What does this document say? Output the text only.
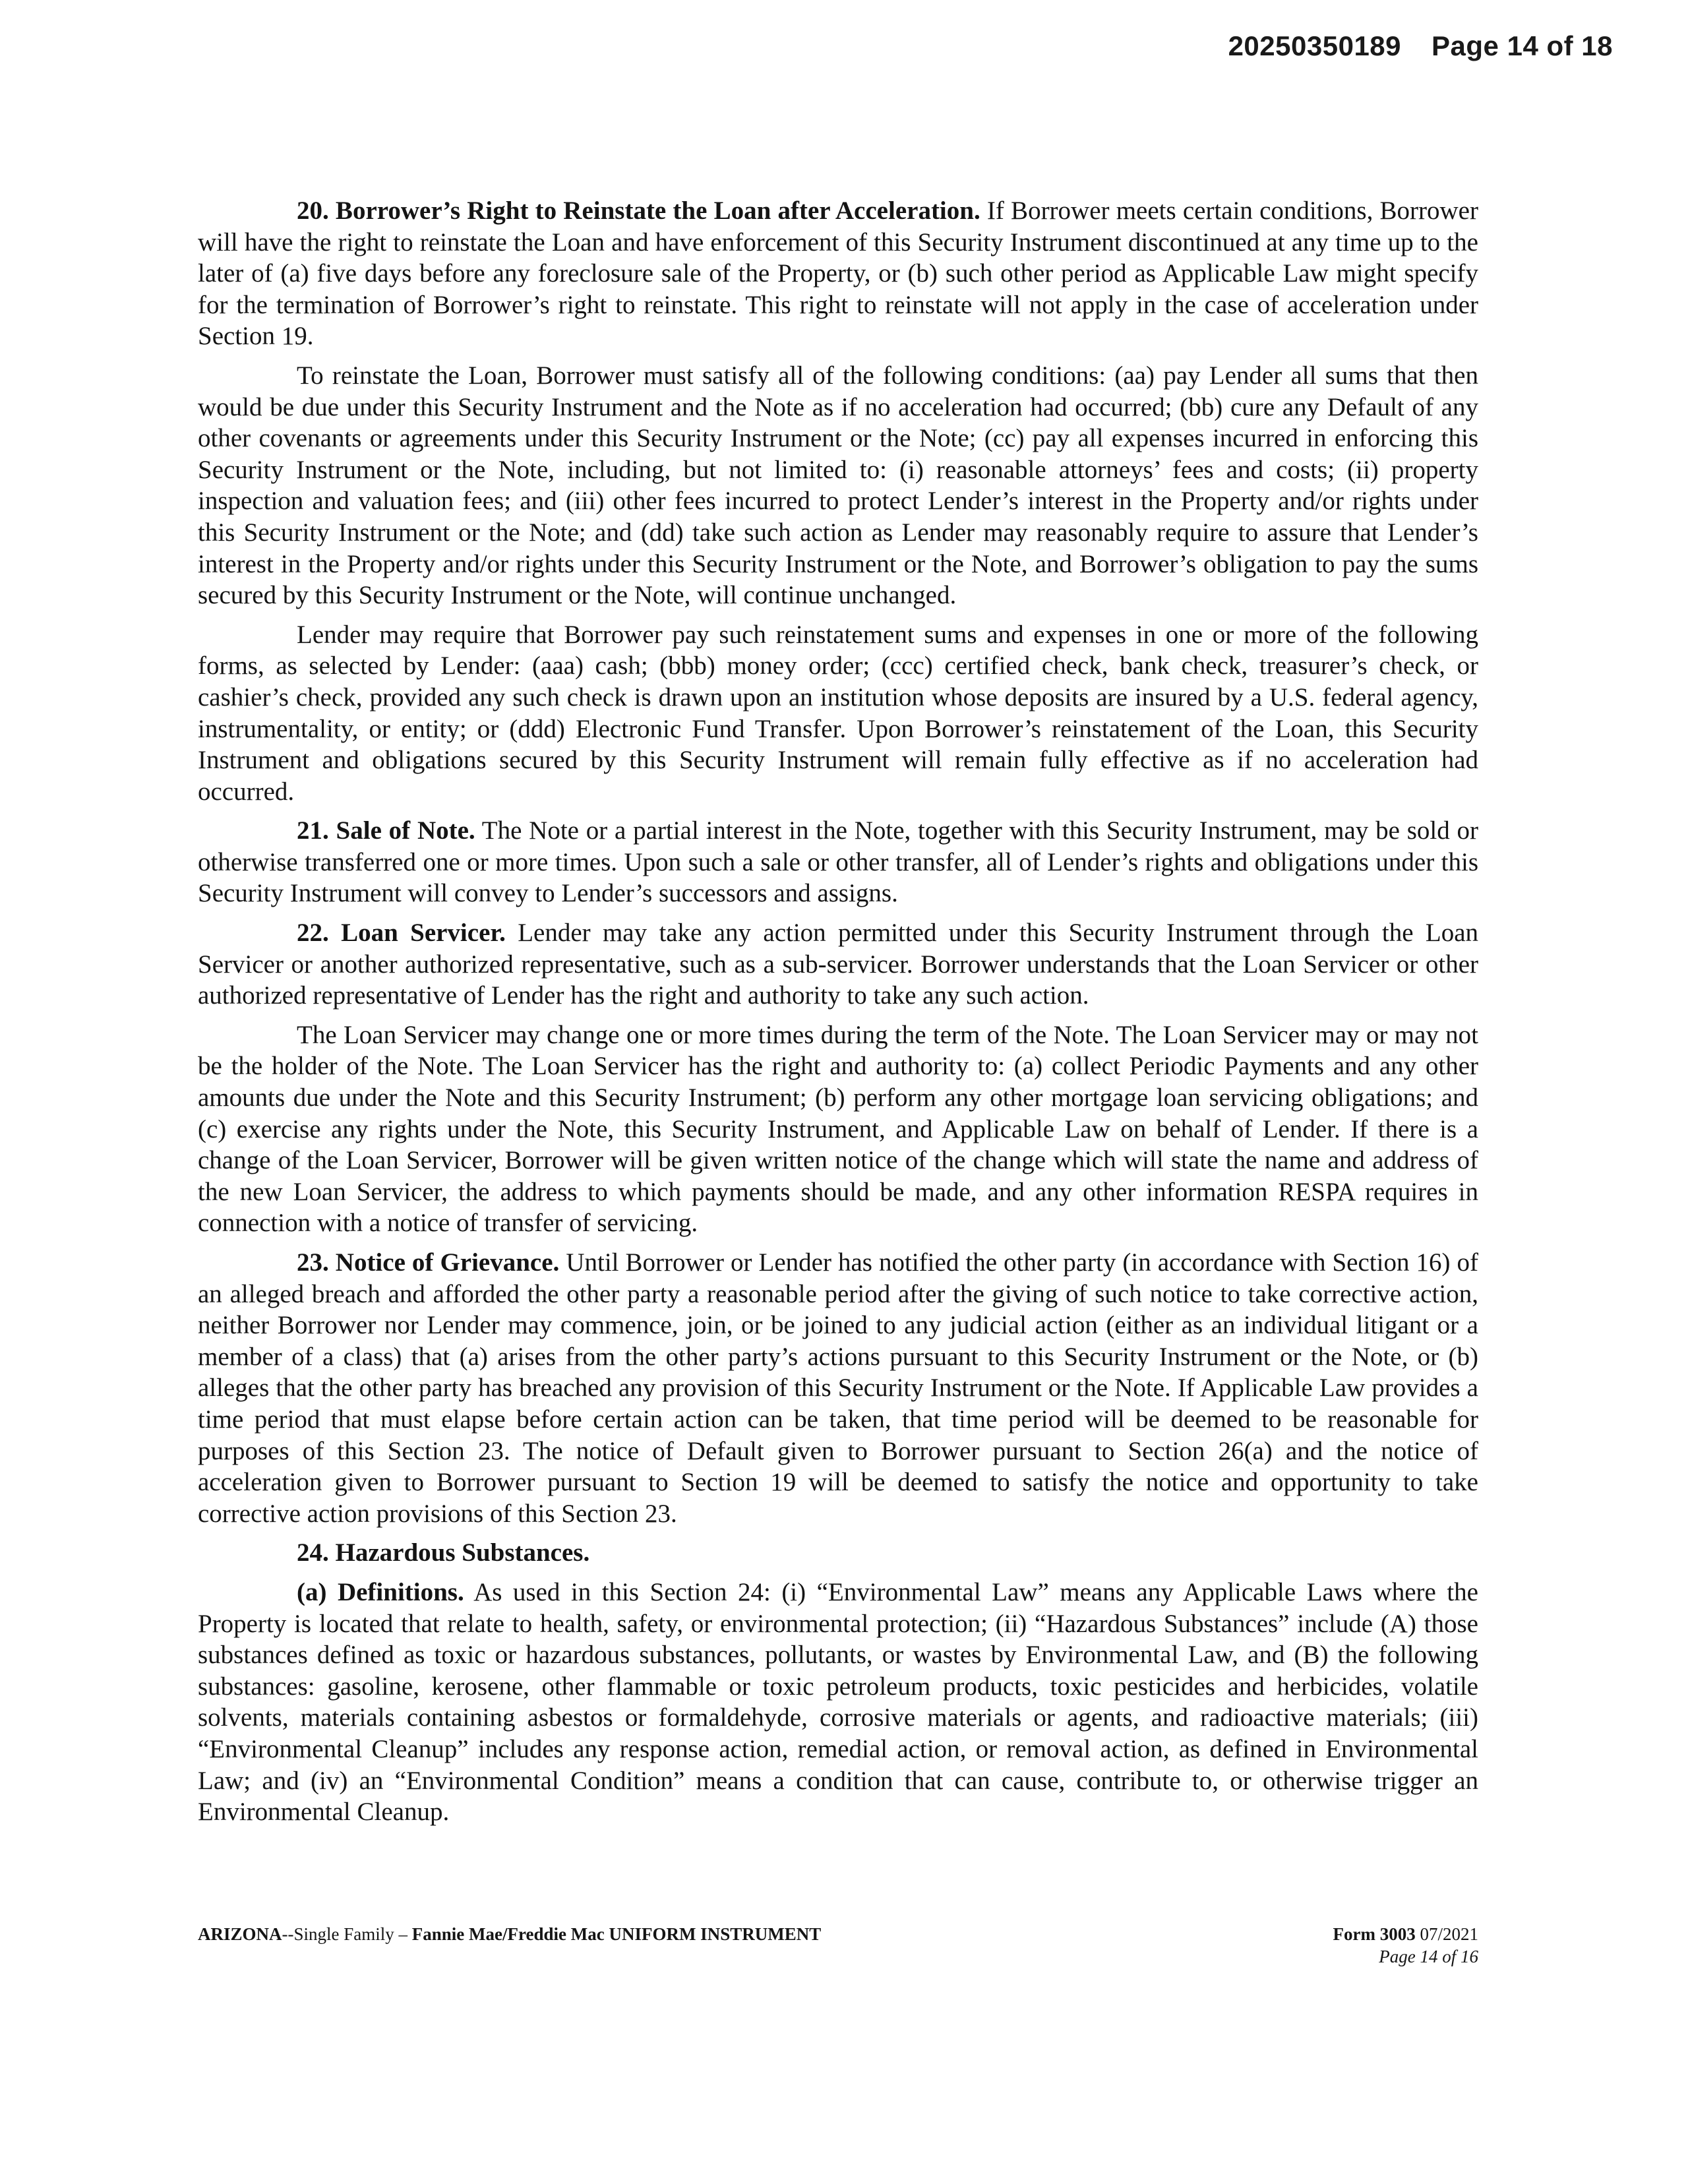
20250350189 Page 14 of 18

20. Borrower’s Right to Reinstate the Loan after Acceleration. If Borrower meets certain conditions, Borrower will have the right to reinstate the Loan and have enforcement of this Security Instrument discontinued at any time up to the later of (a) five days before any foreclosure sale of the Property, or (b) such other period as Applicable Law might specify for the termination of Borrower’s right to reinstate. This right to reinstate will not apply in the case of acceleration under Section 19.

To reinstate the Loan, Borrower must satisfy all of the following conditions: (aa) pay Lender all sums that then would be due under this Security Instrument and the Note as if no acceleration had occurred; (bb) cure any Default of any other covenants or agreements under this Security Instrument or the Note; (cc) pay all expenses incurred in enforcing this Security Instrument or the Note, including, but not limited to: (i) reasonable attorneys’ fees and costs; (ii) property inspection and valuation fees; and (iii) other fees incurred to protect Lender’s interest in the Property and/or rights under this Security Instrument or the Note; and (dd) take such action as Lender may reasonably require to assure that Lender’s interest in the Property and/or rights under this Security Instrument or the Note, and Borrower’s obligation to pay the sums secured by this Security Instrument or the Note, will continue unchanged.

Lender may require that Borrower pay such reinstatement sums and expenses in one or more of the following forms, as selected by Lender: (aaa) cash; (bbb) money order; (ccc) certified check, bank check, treasurer’s check, or cashier’s check, provided any such check is drawn upon an institution whose deposits are insured by a U.S. federal agency, instrumentality, or entity; or (ddd) Electronic Fund Transfer. Upon Borrower’s reinstatement of the Loan, this Security Instrument and obligations secured by this Security Instrument will remain fully effective as if no acceleration had occurred.

21. Sale of Note. The Note or a partial interest in the Note, together with this Security Instrument, may be sold or otherwise transferred one or more times. Upon such a sale or other transfer, all of Lender’s rights and obligations under this Security Instrument will convey to Lender’s successors and assigns.

22. Loan Servicer. Lender may take any action permitted under this Security Instrument through the Loan Servicer or another authorized representative, such as a sub-servicer. Borrower understands that the Loan Servicer or other authorized representative of Lender has the right and authority to take any such action.

The Loan Servicer may change one or more times during the term of the Note. The Loan Servicer may or may not be the holder of the Note. The Loan Servicer has the right and authority to: (a) collect Periodic Payments and any other amounts due under the Note and this Security Instrument; (b) perform any other mortgage loan servicing obligations; and (c) exercise any rights under the Note, this Security Instrument, and Applicable Law on behalf of Lender. If there is a change of the Loan Servicer, Borrower will be given written notice of the change which will state the name and address of the new Loan Servicer, the address to which payments should be made, and any other information RESPA requires in connection with a notice of transfer of servicing.

23. Notice of Grievance. Until Borrower or Lender has notified the other party (in accordance with Section 16) of an alleged breach and afforded the other party a reasonable period after the giving of such notice to take corrective action, neither Borrower nor Lender may commence, join, or be joined to any judicial action (either as an individual litigant or a member of a class) that (a) arises from the other party’s actions pursuant to this Security Instrument or the Note, or (b) alleges that the other party has breached any provision of this Security Instrument or the Note. If Applicable Law provides a time period that must elapse before certain action can be taken, that time period will be deemed to be reasonable for purposes of this Section 23. The notice of Default given to Borrower pursuant to Section 26(a) and the notice of acceleration given to Borrower pursuant to Section 19 will be deemed to satisfy the notice and opportunity to take corrective action provisions of this Section 23.

24. Hazardous Substances.

(a) Definitions. As used in this Section 24: (i) “Environmental Law” means any Applicable Laws where the Property is located that relate to health, safety, or environmental protection; (ii) “Hazardous Substances” include (A) those substances defined as toxic or hazardous substances, pollutants, or wastes by Environmental Law, and (B) the following substances: gasoline, kerosene, other flammable or toxic petroleum products, toxic pesticides and herbicides, volatile solvents, materials containing asbestos or formaldehyde, corrosive materials or agents, and radioactive materials; (iii) “Environmental Cleanup” includes any response action, remedial action, or removal action, as defined in Environmental Law; and (iv) an “Environmental Condition” means a condition that can cause, contribute to, or otherwise trigger an Environmental Cleanup.

ARIZONA--Single Family – Fannie Mae/Freddie Mac UNIFORM INSTRUMENT	Form 3003 07/2021
Page 14 of 16
